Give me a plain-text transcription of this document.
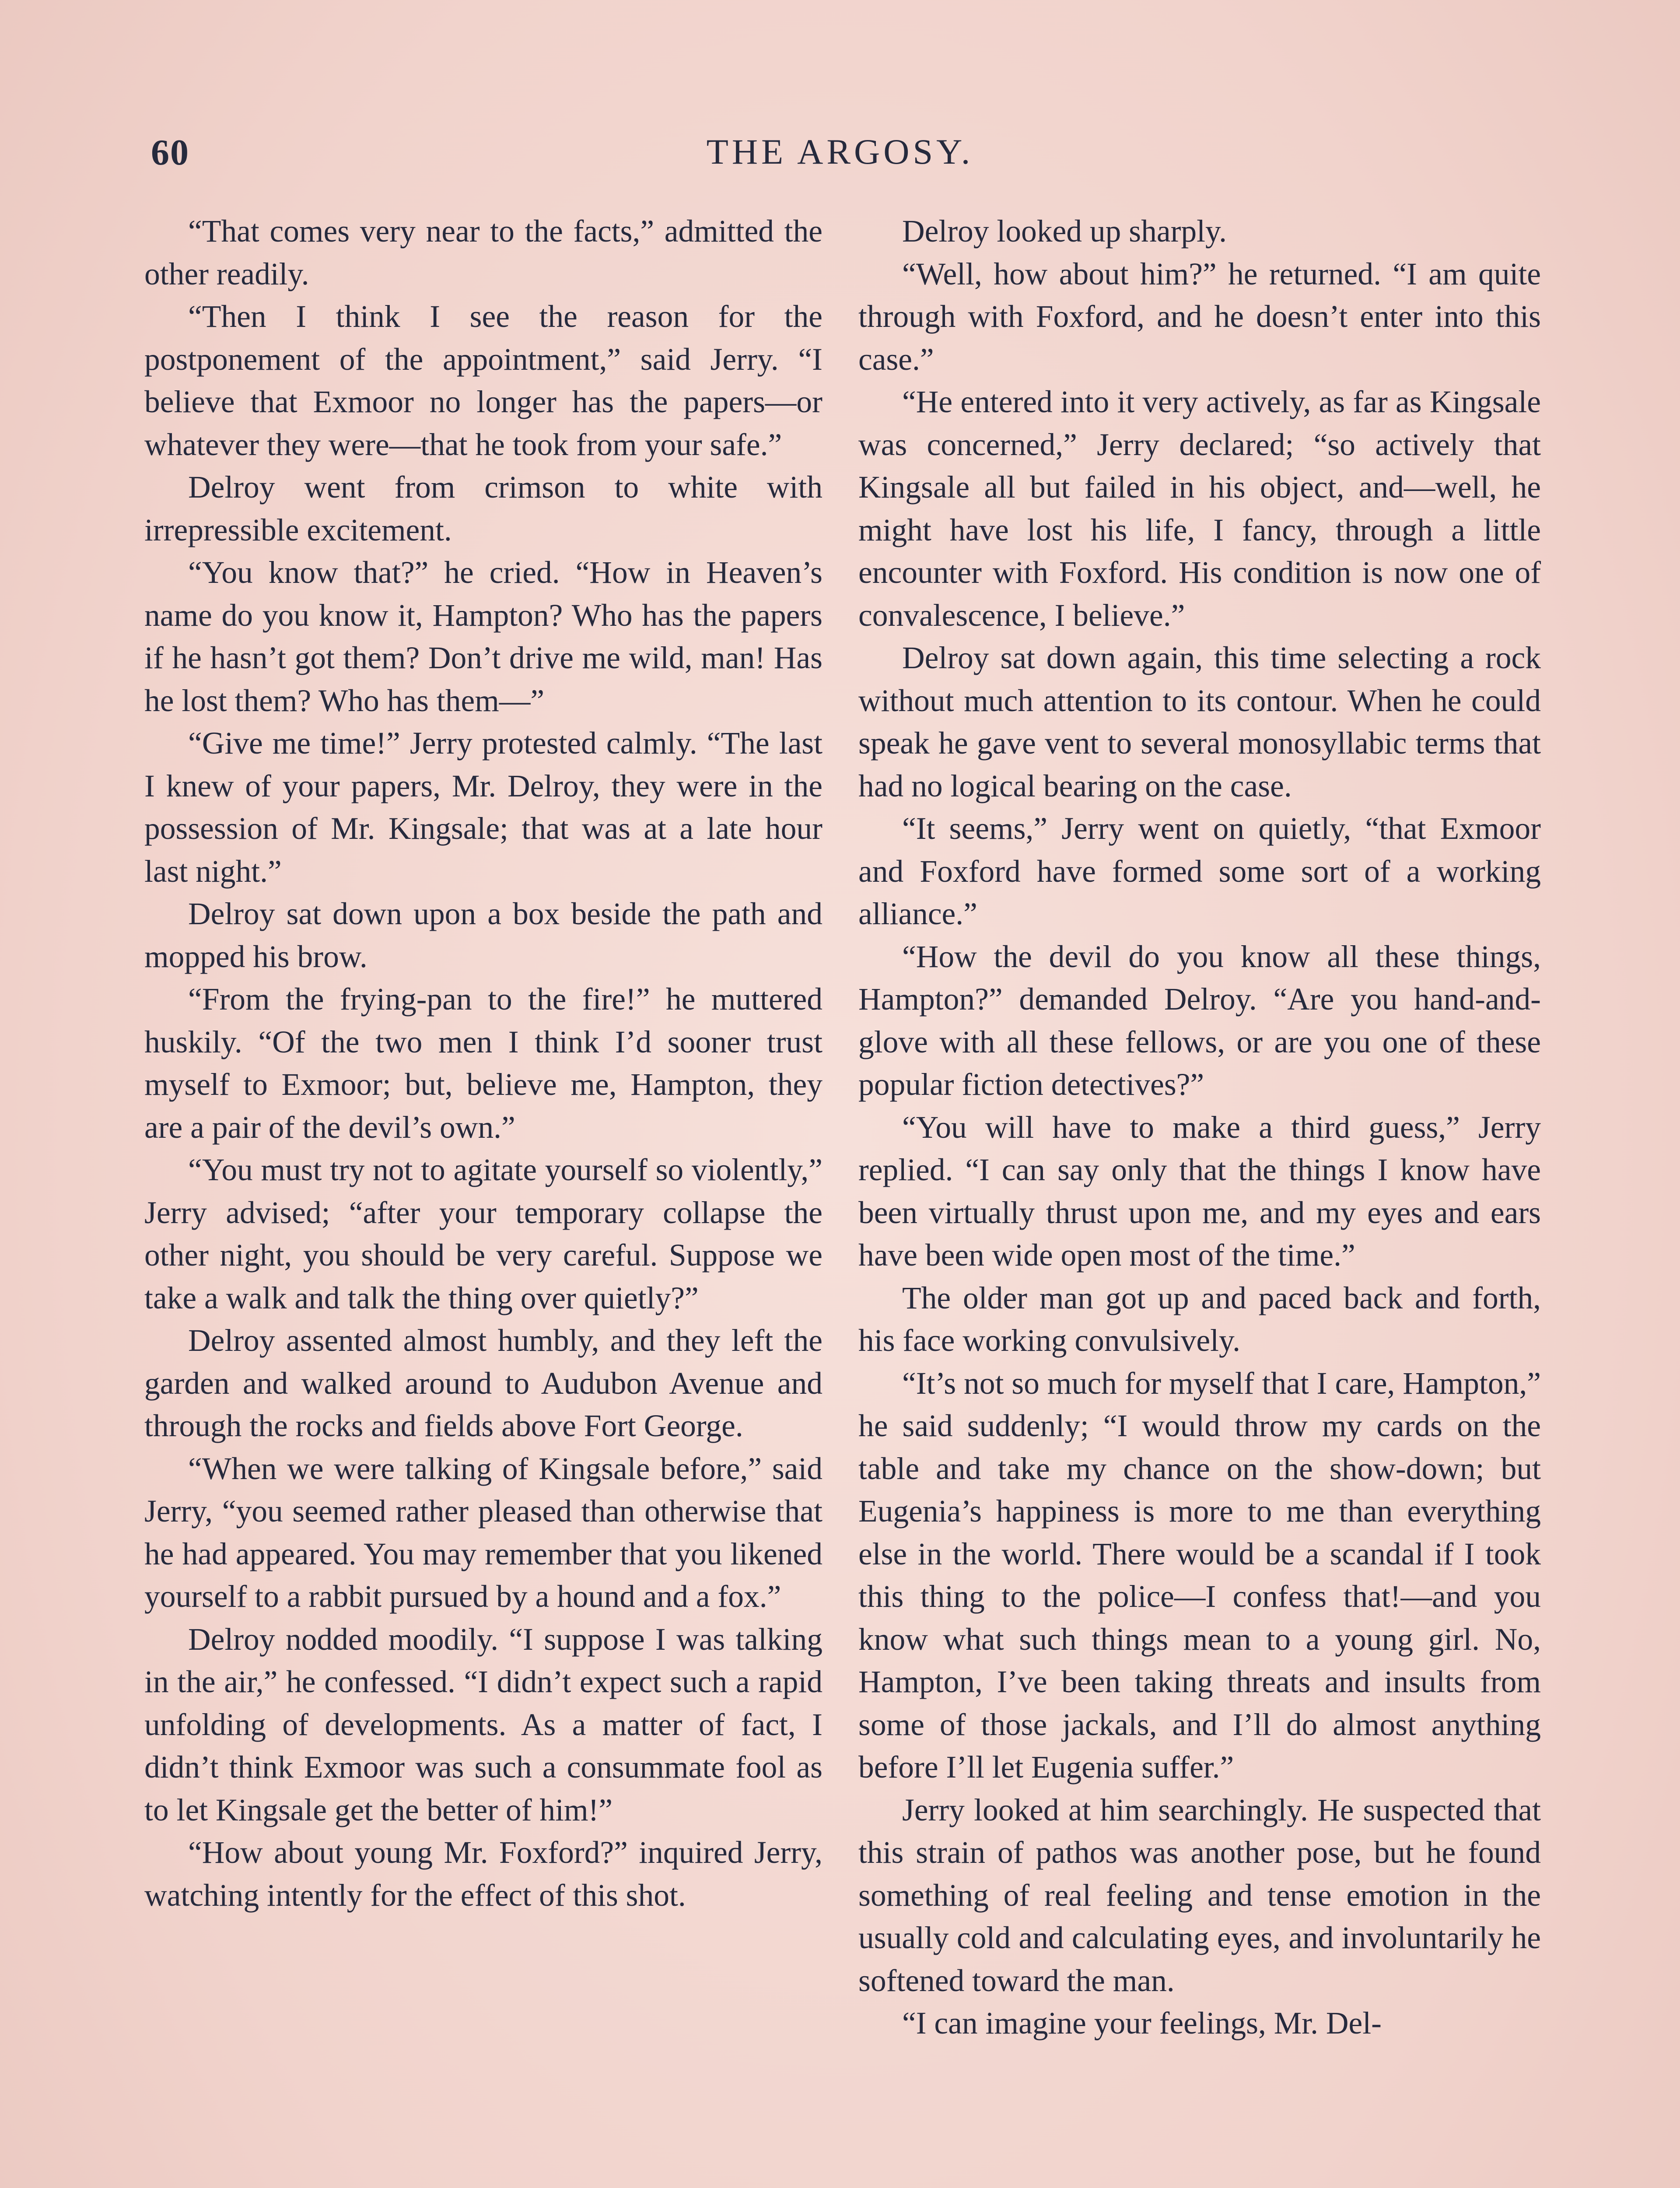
60	THE ARGOSY.

“That comes very near to the facts,” admitted the other readily.

“Then I think I see the reason for the postponement of the appointment,” said Jerry. “I believe that Exmoor no longer has the papers—or whatever they were—that he took from your safe.”

Delroy went from crimson to white with irrepressible excitement.

“You know that?” he cried. “How in Heaven’s name do you know it, Hampton? Who has the papers if he hasn’t got them? Don’t drive me wild, man! Has he lost them? Who has them—”

“Give me time!” Jerry protested calmly. “The last I knew of your papers, Mr. Delroy, they were in the possession of Mr. Kingsale; that was at a late hour last night.”

Delroy sat down upon a box beside the path and mopped his brow.

“From the frying-pan to the fire!” he muttered huskily. “Of the two men I think I’d sooner trust myself to Exmoor; but, believe me, Hampton, they are a pair of the devil’s own.”

“You must try not to agitate yourself so violently,” Jerry advised; “after your temporary collapse the other night, you should be very careful. Suppose we take a walk and talk the thing over quietly?”

Delroy assented almost humbly, and they left the garden and walked around to Audubon Avenue and through the rocks and fields above Fort George.

“When we were talking of Kingsale before,” said Jerry, “you seemed rather pleased than otherwise that he had appeared. You may remember that you likened yourself to a rabbit pursued by a hound and a fox.”

Delroy nodded moodily. “I suppose I was talking in the air,” he confessed. “I didn’t expect such a rapid unfolding of developments. As a matter of fact, I didn’t think Exmoor was such a consummate fool as to let Kingsale get the better of him!”

“How about young Mr. Foxford?” inquired Jerry, watching intently for the effect of this shot.

Delroy looked up sharply.

“Well, how about him?” he returned. “I am quite through with Foxford, and he doesn’t enter into this case.”

“He entered into it very actively, as far as Kingsale was concerned,” Jerry declared; “so actively that Kingsale all but failed in his object, and—well, he might have lost his life, I fancy, through a little encounter with Foxford. His condition is now one of convalescence, I believe.”

Delroy sat down again, this time selecting a rock without much attention to its contour. When he could speak he gave vent to several monosyllabic terms that had no logical bearing on the case.

“It seems,” Jerry went on quietly, “that Exmoor and Foxford have formed some sort of a working alliance.”

“How the devil do you know all these things, Hampton?” demanded Delroy. “Are you hand-and-glove with all these fellows, or are you one of these popular fiction detectives?”

“You will have to make a third guess,” Jerry replied. “I can say only that the things I know have been virtually thrust upon me, and my eyes and ears have been wide open most of the time.”

The older man got up and paced back and forth, his face working convulsively.

“It’s not so much for myself that I care, Hampton,” he said suddenly; “I would throw my cards on the table and take my chance on the show-down; but Eugenia’s happiness is more to me than everything else in the world. There would be a scandal if I took this thing to the police—I confess that!—and you know what such things mean to a young girl. No, Hampton, I’ve been taking threats and insults from some of those jackals, and I’ll do almost anything before I’ll let Eugenia suffer.”

Jerry looked at him searchingly. He suspected that this strain of pathos was another pose, but he found something of real feeling and tense emotion in the usually cold and calculating eyes, and involuntarily he softened toward the man.

“I can imagine your feelings, Mr. Del-
